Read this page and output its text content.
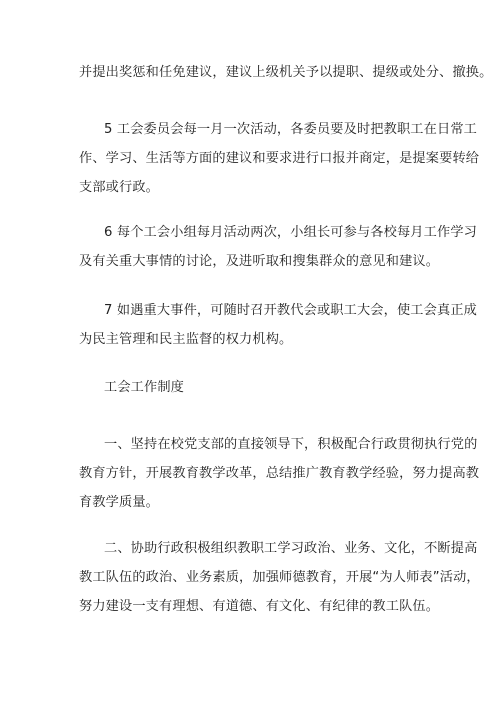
并提出奖惩和任免建议，建议上级机关予以提职、提级或处分、撤换。

5 工会委员会每一月一次活动，各委员要及时把教职工在日常工
作、学习、生活等方面的建议和要求进行口报并商定，是提案要转给
支部或行政。

6 每个工会小组每月活动两次，小组长可参与各校每月工作学习
及有关重大事情的讨论，及进听取和搜集群众的意见和建议。

7 如遇重大事件，可随时召开教代会或职工大会，使工会真正成
为民主管理和民主监督的权力机构。

工会工作制度

一、坚持在校党支部的直接领导下，积极配合行政贯彻执行党的
教育方针，开展教育教学改革，总结推广教育教学经验，努力提高教
育教学质量。

二、协助行政积极组织教职工学习政治、业务、文化，不断提高
教工队伍的政治、业务素质，加强师德教育，开展“为人师表”活动，
努力建设一支有理想、有道德、有文化、有纪律的教工队伍。
